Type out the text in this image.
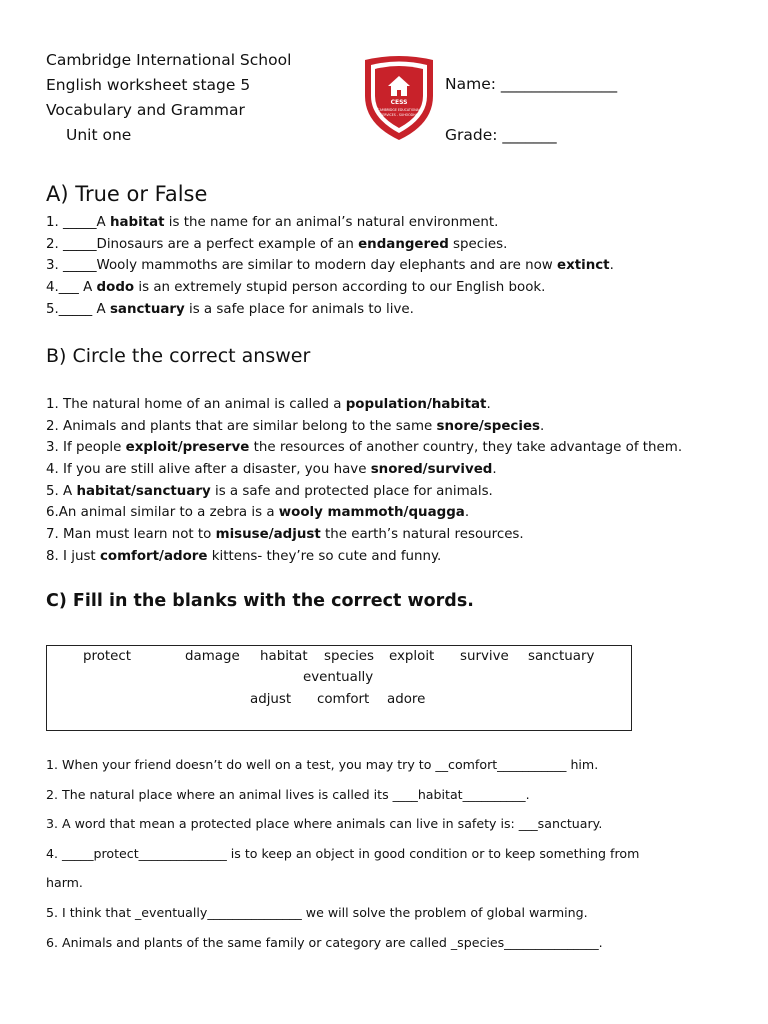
Cambridge International School
English worksheet stage 5
Vocabulary and Grammar
Unit one
CESS
CAMBRIDGE EDUCATIONAL
SERVICES - SUHOODHA
Name: _______________
Grade: _______
A) True or False
1. _____A habitat is the name for an animal’s natural environment.
2. _____Dinosaurs are a perfect example of an endangered species.
3. _____Wooly mammoths are similar to modern day elephants and are now extinct.
4.___ A dodo is an extremely stupid person according to our English book.
5._____ A sanctuary is a safe place for animals to live.
B) Circle the correct answer
1. The natural home of an animal is called a population/habitat.
2. Animals and plants that are similar belong to the same snore/species.
3. If people exploit/preserve the resources of another country, they take advantage of them.
4. If you are still alive after a disaster, you have snored/survived.
5. A habitat/sanctuary is a safe and protected place for animals.
6.An animal similar to a zebra is a wooly mammoth/quagga.
7. Man must learn not to misuse/adjust the earth’s natural resources.
8. I just comfort/adore kittens- they’re so cute and funny.
C) Fill in the blanks with the correct words.
protect	damage habitat species exploit survive sanctuary
eventually
adjust comfort adore
1. When your friend doesn’t do well on a test, you may try to __comfort___________ him.
2. The natural place where an animal lives is called its ____habitat__________.
3. A word that mean a protected place where animals can live in safety is: ___sanctuary.
4. _____protect______________ is to keep an object in good condition or to keep something from
harm.
5. I think that _eventually_______________ we will solve the problem of global warming.
6. Animals and plants of the same family or category are called _species_______________.
